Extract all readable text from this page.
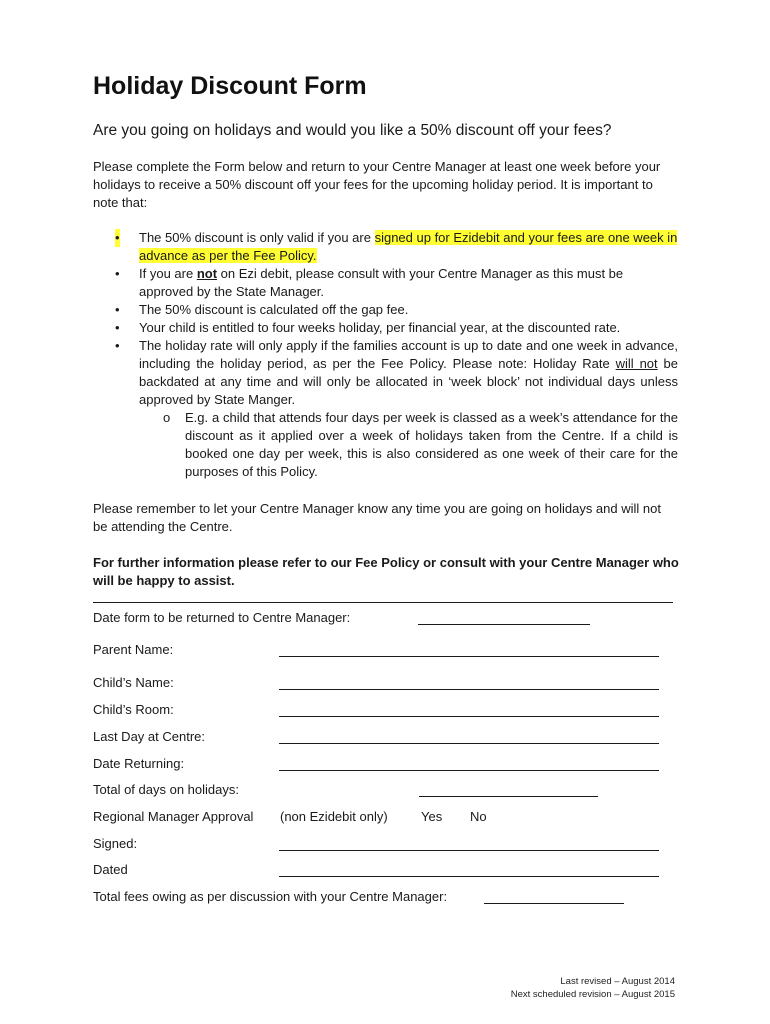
Holiday Discount Form

Are you going on holidays and would you like a 50% discount off your fees?

Please complete the Form below and return to your Centre Manager at least one week before your holidays to receive a 50% discount off your fees for the upcoming holiday period. It is important to note that:

• The 50% discount is only valid if you are signed up for Ezidebit and your fees are one week in advance as per the Fee Policy.
• If you are not on Ezi debit, please consult with your Centre Manager as this must be approved by the State Manager.
• The 50% discount is calculated off the gap fee.
• Your child is entitled to four weeks holiday, per financial year, at the discounted rate.
• The holiday rate will only apply if the families account is up to date and one week in advance, including the holiday period, as per the Fee Policy. Please note: Holiday Rate will not be backdated at any time and will only be allocated in ‘week block’ not individual days unless approved by State Manger.
o E.g. a child that attends four days per week is classed as a week’s attendance for the discount as it applied over a week of holidays taken from the Centre. If a child is booked one day per week, this is also considered as one week of their care for the purposes of this Policy.

Please remember to let your Centre Manager know any time you are going on holidays and will not be attending the Centre.

For further information please refer to our Fee Policy or consult with your Centre Manager who will be happy to assist.

Date form to be returned to Centre Manager:
Parent Name:
Child’s Name:
Child’s Room:
Last Day at Centre:
Date Returning:
Total of days on holidays:
Regional Manager Approval (non Ezidebit only)	Yes No
Signed:
Dated
Total fees owing as per discussion with your Centre Manager:
Last revised – August 2014
Next scheduled revision – August 2015
